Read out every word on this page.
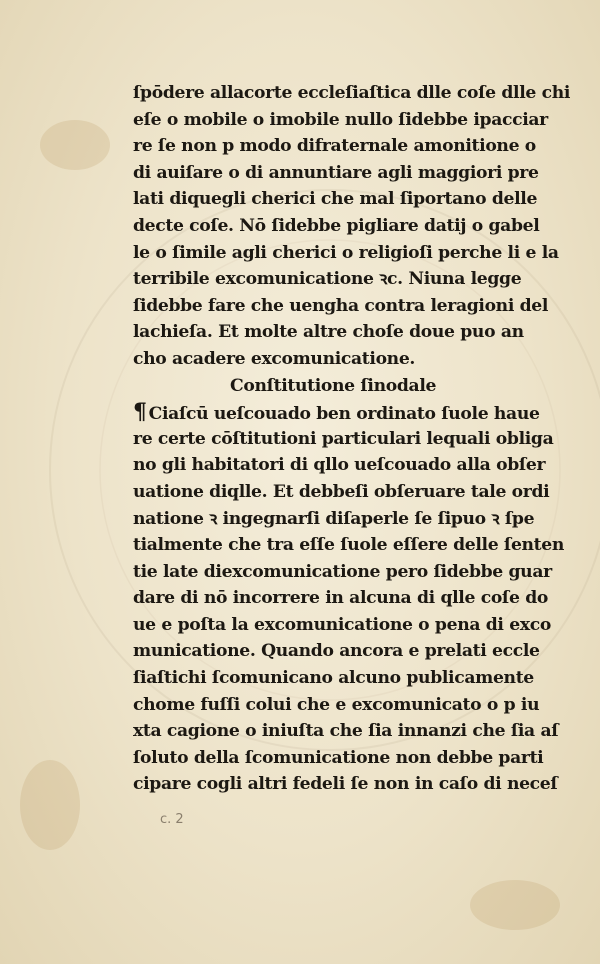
ſpōdere allacorte eccleſiaſtica dlle coſe dlle chi
eſe o mobile o imobile nullo ſidebbe ipacciar
re ſe non p modo difraternale amonitione o
di auiſare o di annuntiare agli maggiori pre
lati diquegli cherici che mal ſiportano delle
decte coſe. Nō ſidebbe pigliare datij o gabel
le o ſimile agli cherici o religioſi perche li e la
terribile excomunicatione ꝛc. Niuna legge
ſidebbe fare che uengha contra leragioni del
lachieſa. Et molte altre choſe doue puo an
cho acadere excomunicatione.
Conſtitutione ſinodale
¶ Ciaſcū ueſcouado ben ordinato ſuole haue
re certe cōſtitutioni particulari lequali obliga
no gli habitatori di qllo ueſcouado alla obſer
uatione diqlle. Et debbeſi obſeruare tale ordi
natione ꝛ ingegnarſi diſaperle ſe ſipuo ꝛ ſpe
tialmente che tra eſſe ſuole eſſere delle ſenten
tie late diexcomunicatione pero ſidebbe guar
dare di nō incorrere in alcuna di qlle coſe do
ue e poſta la excomunicatione o pena di exco
municatione. Quando ancora e prelati eccle
ſiaſtichi ſcomunicano alcuno publicamente
chome fuſſi colui che e excomunicato o p iu
xta cagione o iniuſta che ſia innanzi che ſia aſ
ſoluto della ſcomunicatione non debbe parti
cipare cogli altri fedeli ſe non in caſo di neceſ
c. 2
